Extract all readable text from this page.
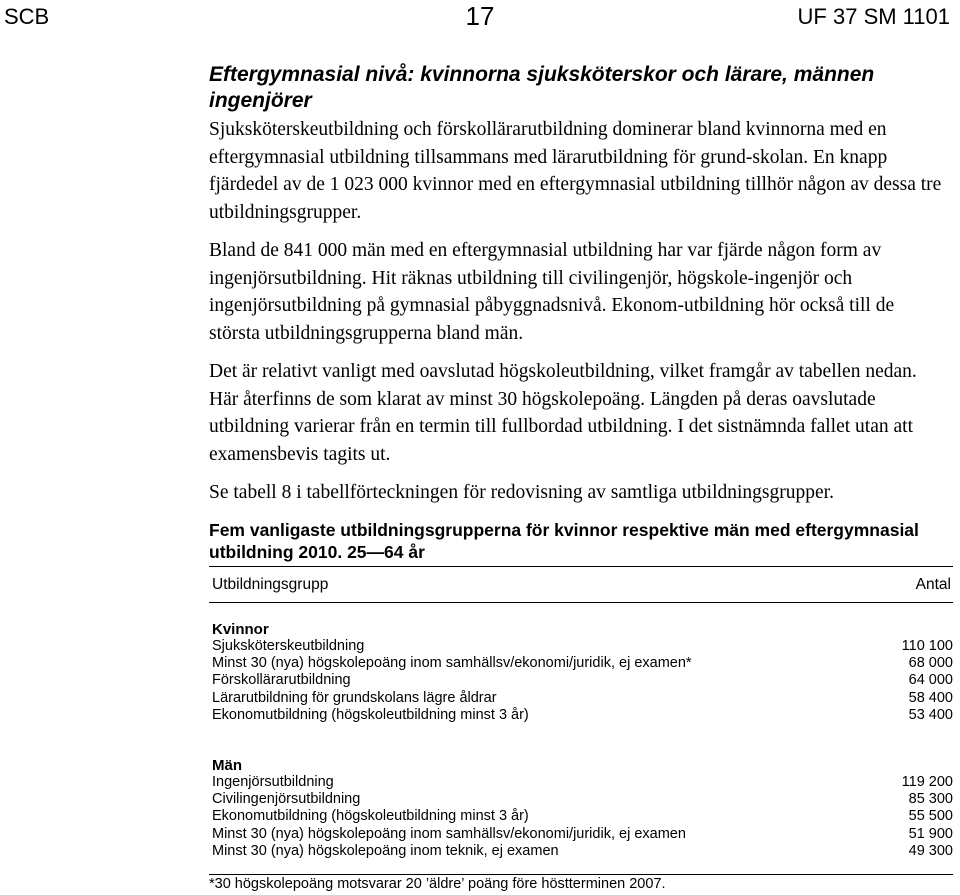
SCB	17	UF 37 SM 1101
Eftergymnasial nivå: kvinnorna sjuksköterskor och lärare, männen ingenjörer

Sjuksköterskeutbildning och förskollärarutbildning dominerar bland kvinnorna med en eftergymnasial utbildning tillsammans med lärarutbildning för grund-skolan. En knapp fjärdedel av de 1 023 000 kvinnor med en eftergymnasial utbildning tillhör någon av dessa tre utbildningsgrupper.

Bland de 841 000 män med en eftergymnasial utbildning har var fjärde någon form av ingenjörsutbildning. Hit räknas utbildning till civilingenjör, högskole-ingenjör och ingenjörsutbildning på gymnasial påbyggnadsnivå. Ekonom-utbildning hör också till de största utbildningsgrupperna bland män.

Det är relativt vanligt med oavslutad högskoleutbildning, vilket framgår av tabellen nedan. Här återfinns de som klarat av minst 30 högskolepoäng. Längden på deras oavslutade utbildning varierar från en termin till fullbordad utbildning. I det sistnämnda fallet utan att examensbevis tagits ut.

Se tabell 8 i tabellförteckningen för redovisning av samtliga utbildningsgrupper.

Fem vanligaste utbildningsgrupperna för kvinnor respektive män med eftergymnasial utbildning 2010. 25—64 år
Utbildningsgrupp	Antal
Kvinnor
Sjuksköterskeutbildning	110 100
Minst 30 (nya) högskolepoäng inom samhällsv/ekonomi/juridik, ej examen*	68 000
Förskollärarutbildning	64 000
Lärarutbildning för grundskolans lägre åldrar	58 400
Ekonomutbildning (högskoleutbildning minst 3 år)	53 400
Män
Ingenjörsutbildning	119 200
Civilingenjörsutbildning	85 300
Ekonomutbildning (högskoleutbildning minst 3 år)	55 500
Minst 30 (nya) högskolepoäng inom samhällsv/ekonomi/juridik, ej examen	51 900
Minst 30 (nya) högskolepoäng inom teknik, ej examen	49 300
*30 högskolepoäng motsvarar 20 ’äldre’ poäng före höstterminen 2007.
